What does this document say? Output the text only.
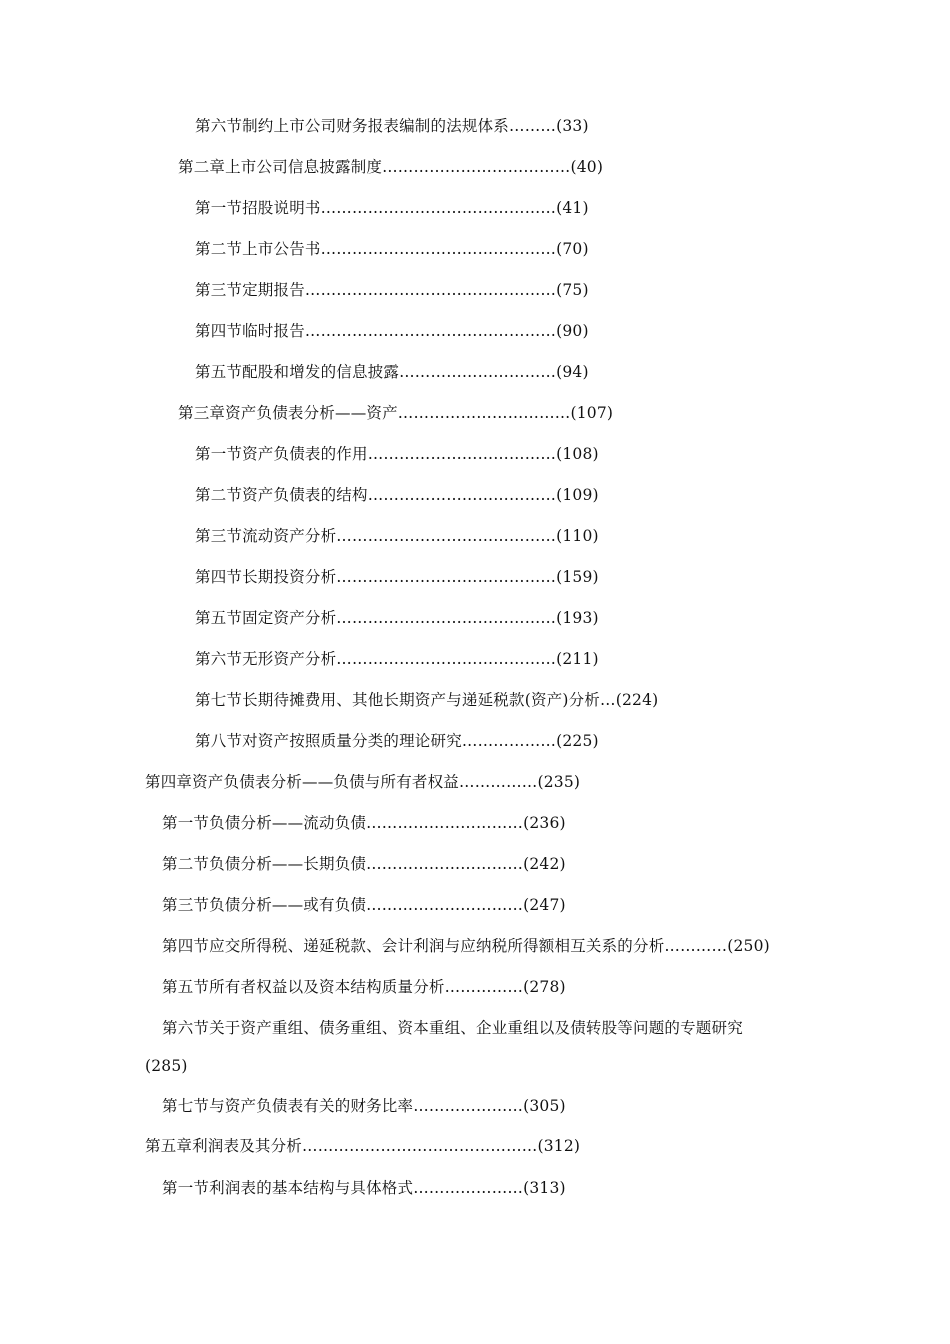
第六节制约上市公司财务报表编制的法规体系………(33)
第二章上市公司信息披露制度………………………………(40)
第一节招股说明书………………………………………(41)
第二节上市公告书………………………………………(70)
第三节定期报告…………………………………………(75)
第四节临时报告…………………………………………(90)
第五节配股和增发的信息披露…………………………(94)
第三章资产负债表分析——资产……………………………(107)
第一节资产负债表的作用………………………………(108)
第二节资产负债表的结构………………………………(109)
第三节流动资产分析……………………………………(110)
第四节长期投资分析……………………………………(159)
第五节固定资产分析……………………………………(193)
第六节无形资产分析……………………………………(211)
第七节长期待摊费用、其他长期资产与递延税款(资产)分析…(224)
第八节对资产按照质量分类的理论研究………………(225)
第四章资产负债表分析——负债与所有者权益……………(235)
第一节负债分析——流动负债…………………………(236)
第二节负债分析——长期负债…………………………(242)
第三节负债分析——或有负债…………………………(247)
第四节应交所得税、递延税款、会计利润与应纳税所得额相互关系的分析…………(250)
第五节所有者权益以及资本结构质量分析……………(278)
第六节关于资产重组、债务重组、资本重组、企业重组以及债转股等问题的专题研究
(285)
第七节与资产负债表有关的财务比率…………………(305)
第五章利润表及其分析………………………………………(312)
第一节利润表的基本结构与具体格式…………………(313)
